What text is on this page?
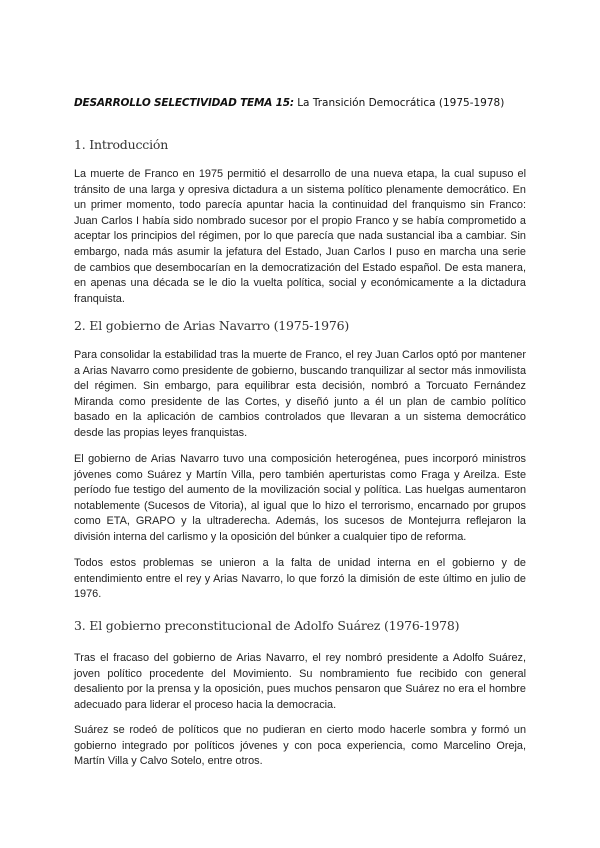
DESARROLLO SELECTIVIDAD TEMA 15: La Transición Democrática (1975-1978)
1. Introducción

La muerte de Franco en 1975 permitió el desarrollo de una nueva etapa, la cual supuso el tránsito de una larga y opresiva dictadura a un sistema político plenamente democrático. En un primer momento, todo parecía apuntar hacia la continuidad del franquismo sin Franco: Juan Carlos I había sido nombrado sucesor por el propio Franco y se había comprometido a aceptar los principios del régimen, por lo que parecía que nada sustancial iba a cambiar. Sin embargo, nada más asumir la jefatura del Estado, Juan Carlos I puso en marcha una serie de cambios que desembocarían en la democratización del Estado español. De esta manera, en apenas una década se le dio la vuelta política, social y económicamente a la dictadura franquista.

2. El gobierno de Arias Navarro (1975-1976)

Para consolidar la estabilidad tras la muerte de Franco, el rey Juan Carlos optó por mantener a Arias Navarro como presidente de gobierno, buscando tranquilizar al sector más inmovilista del régimen. Sin embargo, para equilibrar esta decisión, nombró a Torcuato Fernández Miranda como presidente de las Cortes, y diseñó junto a él un plan de cambio político basado en la aplicación de cambios controlados que llevaran a un sistema democrático desde las propias leyes franquistas.

El gobierno de Arias Navarro tuvo una composición heterogénea, pues incorporó ministros jóvenes como Suárez y Martín Villa, pero también aperturistas como Fraga y Areilza. Este período fue testigo del aumento de la movilización social y política. Las huelgas aumentaron notablemente (Sucesos de Vitoria), al igual que lo hizo el terrorismo, encarnado por grupos como ETA, GRAPO y la ultraderecha. Además, los sucesos de Montejurra reflejaron la división interna del carlismo y la oposición del búnker a cualquier tipo de reforma.

Todos estos problemas se unieron a la falta de unidad interna en el gobierno y de entendimiento entre el rey y Arias Navarro, lo que forzó la dimisión de este último en julio de 1976.

3. El gobierno preconstitucional de Adolfo Suárez (1976-1978)

Tras el fracaso del gobierno de Arias Navarro, el rey nombró presidente a Adolfo Suárez, joven político procedente del Movimiento. Su nombramiento fue recibido con general desaliento por la prensa y la oposición, pues muchos pensaron que Suárez no era el hombre adecuado para liderar el proceso hacia la democracia.

Suárez se rodeó de políticos que no pudieran en cierto modo hacerle sombra y formó un gobierno integrado por políticos jóvenes y con poca experiencia, como Marcelino Oreja, Martín Villa y Calvo Sotelo, entre otros.
